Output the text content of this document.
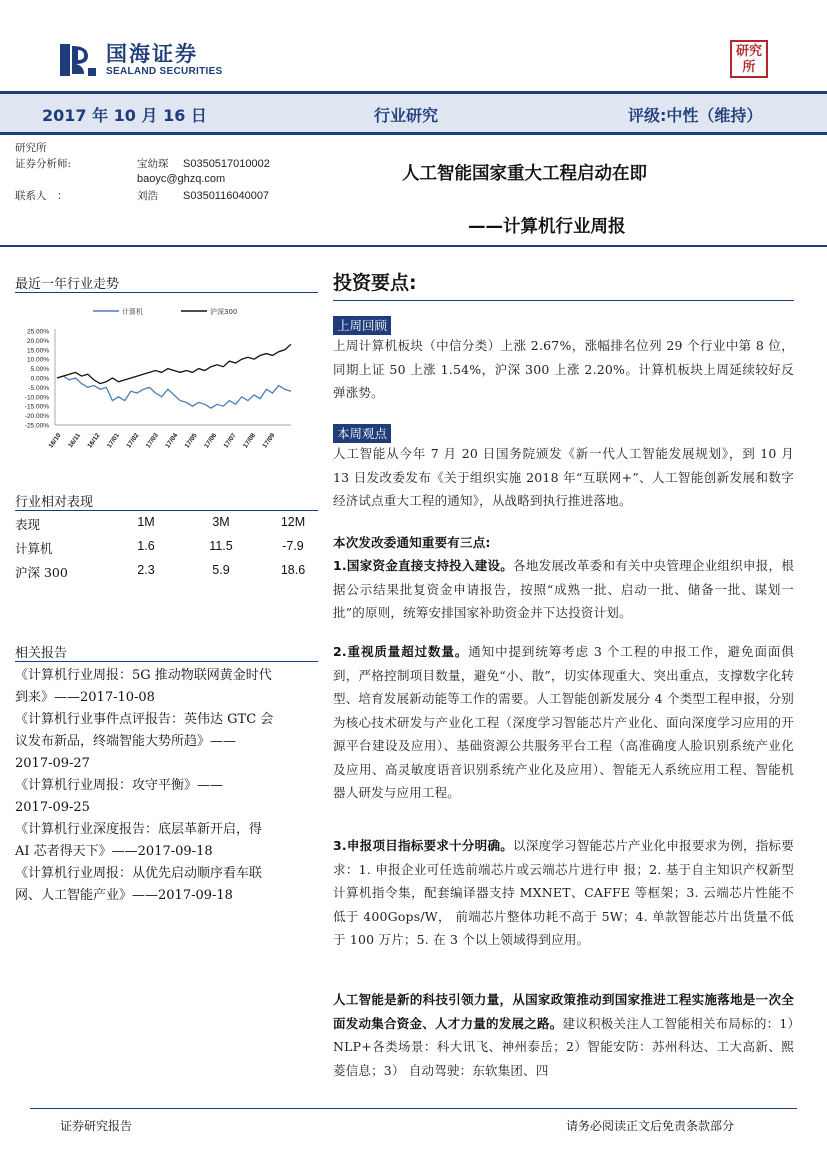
国海证券
SEALAND SECURITIES
研究所
2017 年 10 月 16 日	行业研究	评级:中性（维持）
研究所
证券分析师:	宝幼琛 S0350517010002
baoyc@ghzq.com
联系人　：	刘浩 S0350116040007
人工智能国家重大工程启动在即
——计算机行业周报
最近一年行业走势
计算机	沪深300
25.00%
20.00%
15.00%
10.00%
5.00%
0.00%
-5.00%
-10.00%
-15.00%
-20.00%
-25.00%
16/10 16/11 16/12 17/01 17/02 17/03 17/04 17/05 17/06 17/07 17/08 17/09
行业相对表现
表现	1M	3M	12M
计算机	1.6	11.5	-7.9
沪深 300	2.3	5.9	18.6
相关报告
《计算机行业周报：5G 推动物联网黄金时代
到来》——2017-10-08
《计算机行业事件点评报告：英伟达 GTC 会
议发布新品，终端智能大势所趋》——
2017-09-27
《计算机行业周报：攻守平衡》——
2017-09-25
《计算机行业深度报告：底层革新开启，得
AI 芯者得天下》——2017-09-18
《计算机行业周报：从优先启动顺序看车联
网、人工智能产业》——2017-09-18
投资要点:
上周回顾
上周计算机板块（中信分类）上涨 2.67%，涨幅排名位列 29 个行业中第 8 位，同期上证 50 上涨 1.54%，沪深 300 上涨 2.20%。计算机板块上周延续较好反弹涨势。
本周观点
人工智能从今年 7 月 20 日国务院颁发《新一代人工智能发展规划》，到 10 月 13 日发改委发布《关于组织实施 2018 年“互联网+”、人工智能创新发展和数字经济试点重大工程的通知》，从战略到执行推进落地。
本次发改委通知重要有三点:
1.国家资金直接支持投入建设。各地发展改革委和有关中央管理企业组织申报，根据公示结果批复资金申请报告，按照“成熟一批、启动一批、储备一批、谋划一批”的原则，统筹安排国家补助资金并下达投资计划。
2.重视质量超过数量。通知中提到统筹考虑 3 个工程的申报工作，避免面面俱到，严格控制项目数量，避免“小、散”，切实体现重大、突出重点，支撑数字化转型、培育发展新动能等工作的需要。人工智能创新发展分 4 个类型工程申报，分别为核心技术研发与产业化工程（深度学习智能芯片产业化、面向深度学习应用的开源平台建设及应用）、基础资源公共服务平台工程（高准确度人脸识别系统产业化及应用、高灵敏度语音识别系统产业化及应用）、智能无人系统应用工程、智能机器人研发与应用工程。
3.申报项目指标要求十分明确。以深度学习智能芯片产业化申报要求为例，指标要求：1. 申报企业可任选前端芯片或云端芯片进行申 报；2. 基于自主知识产权新型计算机指令集，配套编译器支持 MXNET、CAFFE 等框架；3. 云端芯片性能不低于 400Gops/W， 前端芯片整体功耗不高于 5W；4. 单款智能芯片出货量不低于 100 万片；5. 在 3 个以上领域得到应用。
人工智能是新的科技引领力量，从国家政策推动到国家推进工程实施落地是一次全面发动集合资金、人才力量的发展之路。建议积极关注人工智能相关布局标的：1）NLP+各类场景：科大讯飞、神州泰岳；2）智能安防：苏州科达、工大高新、熙菱信息；3） 自动驾驶：东软集团、四
证券研究报告	请务必阅读正文后免责条款部分
